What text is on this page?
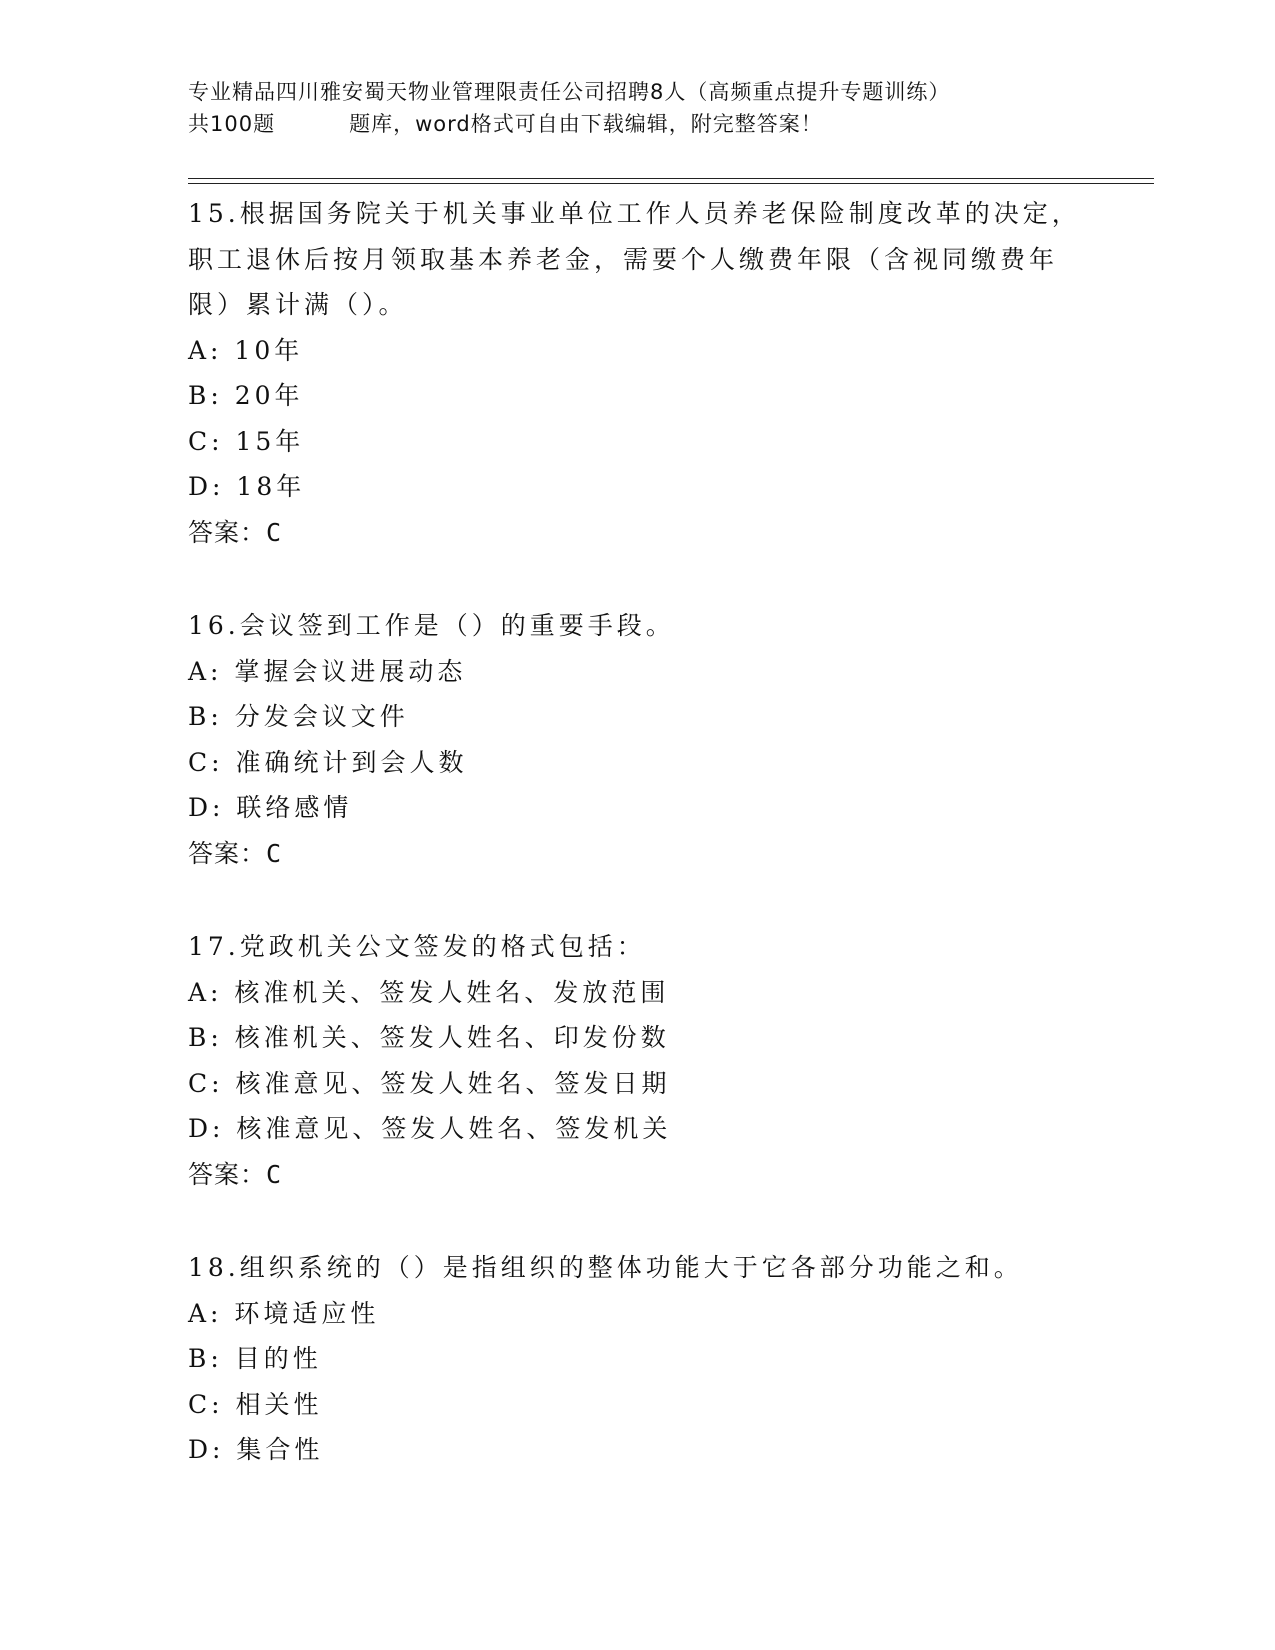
专业精品四川雅安蜀天物业管理限责任公司招聘8人（高频重点提升专题训练）
共100题	题库，word格式可自由下载编辑，附完整答案！

15.根据国务院关于机关事业单位工作人员养老保险制度改革的决定，

职工退休后按月领取基本养老金，需要个人缴费年限（含视同缴费年

限）累计满（）。

A: 10年

B: 20年

C: 15年

D: 18年

答案：C

16.会议签到工作是（）的重要手段。

A: 掌握会议进展动态

B: 分发会议文件

C: 准确统计到会人数

D: 联络感情

答案：C

17.党政机关公文签发的格式包括：

A: 核准机关、签发人姓名、发放范围

B: 核准机关、签发人姓名、印发份数

C: 核准意见、签发人姓名、签发日期

D: 核准意见、签发人姓名、签发机关

答案：C

18.组织系统的（）是指组织的整体功能大于它各部分功能之和。

A: 环境适应性

B: 目的性

C: 相关性

D: 集合性
